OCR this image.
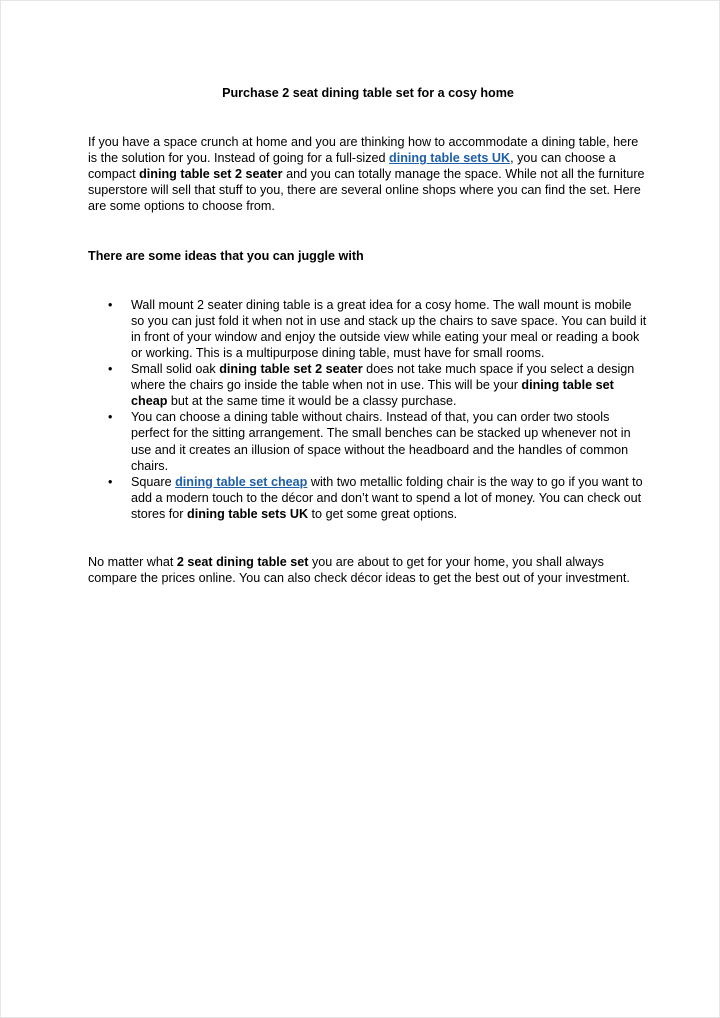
Purchase 2 seat dining table set for a cosy home

If you have a space crunch at home and you are thinking how to accommodate a dining table, here is the solution for you. Instead of going for a full-sized dining table sets UK, you can choose a compact dining table set 2 seater and you can totally manage the space. While not all the furniture superstore will sell that stuff to you, there are several online shops where you can find the set. Here are some options to choose from.

There are some ideas that you can juggle with
• Wall mount 2 seater dining table is a great idea for a cosy home. The wall mount is mobile so you can just fold it when not in use and stack up the chairs to save space. You can build it in front of your window and enjoy the outside view while eating your meal or reading a book or working. This is a multipurpose dining table, must have for small rooms.
• Small solid oak dining table set 2 seater does not take much space if you select a design where the chairs go inside the table when not in use. This will be your dining table set cheap but at the same time it would be a classy purchase.
• You can choose a dining table without chairs. Instead of that, you can order two stools perfect for the sitting arrangement. The small benches can be stacked up whenever not in use and it creates an illusion of space without the headboard and the handles of common chairs.
• Square dining table set cheap with two metallic folding chair is the way to go if you want to add a modern touch to the décor and don’t want to spend a lot of money. You can check out stores for dining table sets UK to get some great options.

No matter what 2 seat dining table set you are about to get for your home, you shall always compare the prices online. You can also check décor ideas to get the best out of your investment.
